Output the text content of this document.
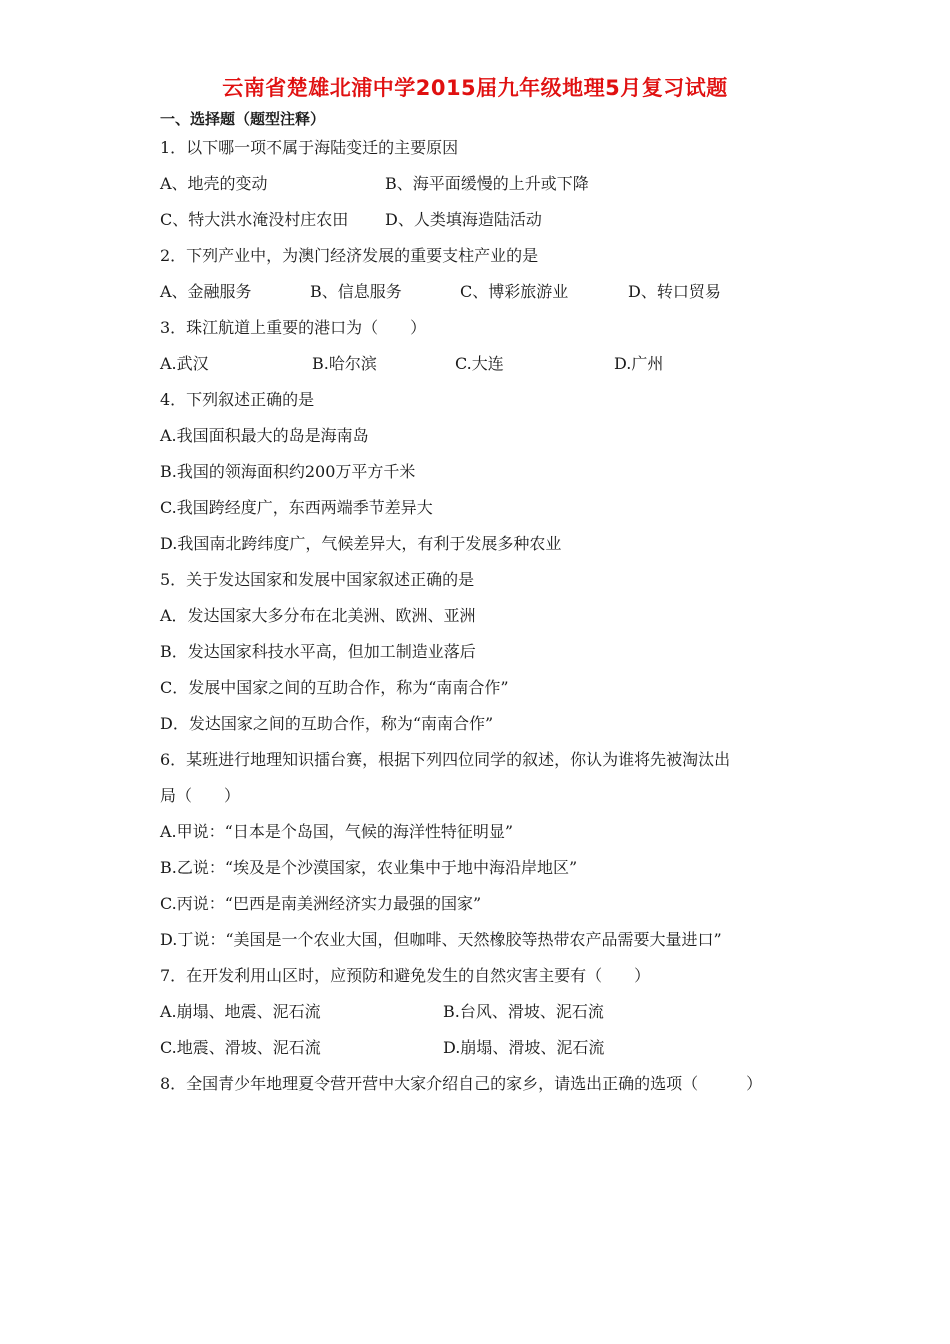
云南省楚雄北浦中学2015届九年级地理5月复习试题
一、选择题（题型注释）
1．以下哪一项不属于海陆变迁的主要原因
A、地壳的变动	B、海平面缓慢的上升或下降
C、特大洪水淹没村庄农田 D、人类填海造陆活动
2．下列产业中，为澳门经济发展的重要支柱产业的是
A、金融服务	B、信息服务	C、博彩旅游业	D、转口贸易
3．珠江航道上重要的港口为（　　）
A.武汉	B.哈尔滨	C.大连	D.广州
4．下列叙述正确的是
A.我国面积最大的岛是海南岛
B.我国的领海面积约200万平方千米
C.我国跨经度广，东西两端季节差异大
D.我国南北跨纬度广，气候差异大，有利于发展多种农业
5．关于发达国家和发展中国家叙述正确的是
A．发达国家大多分布在北美洲、欧洲、亚洲
B．发达国家科技水平高，但加工制造业落后
C．发展中国家之间的互助合作，称为“南南合作”
D．发达国家之间的互助合作，称为“南南合作”
6．某班进行地理知识擂台赛，根据下列四位同学的叙述，你认为谁将先被淘汰出
局（　　）
A.甲说：“日本是个岛国，气候的海洋性特征明显”
B.乙说：“埃及是个沙漠国家，农业集中于地中海沿岸地区”
C.丙说：“巴西是南美洲经济实力最强的国家”
D.丁说：“美国是一个农业大国，但咖啡、天然橡胶等热带农产品需要大量进口”
7．在开发利用山区时，应预防和避免发生的自然灾害主要有（　　）
A.崩塌、地震、泥石流	B.台风、滑坡、泥石流
C.地震、滑坡、泥石流	D.崩塌、滑坡、泥石流
8．全国青少年地理夏令营开营中大家介绍自己的家乡，请选出正确的选项（　　　）
